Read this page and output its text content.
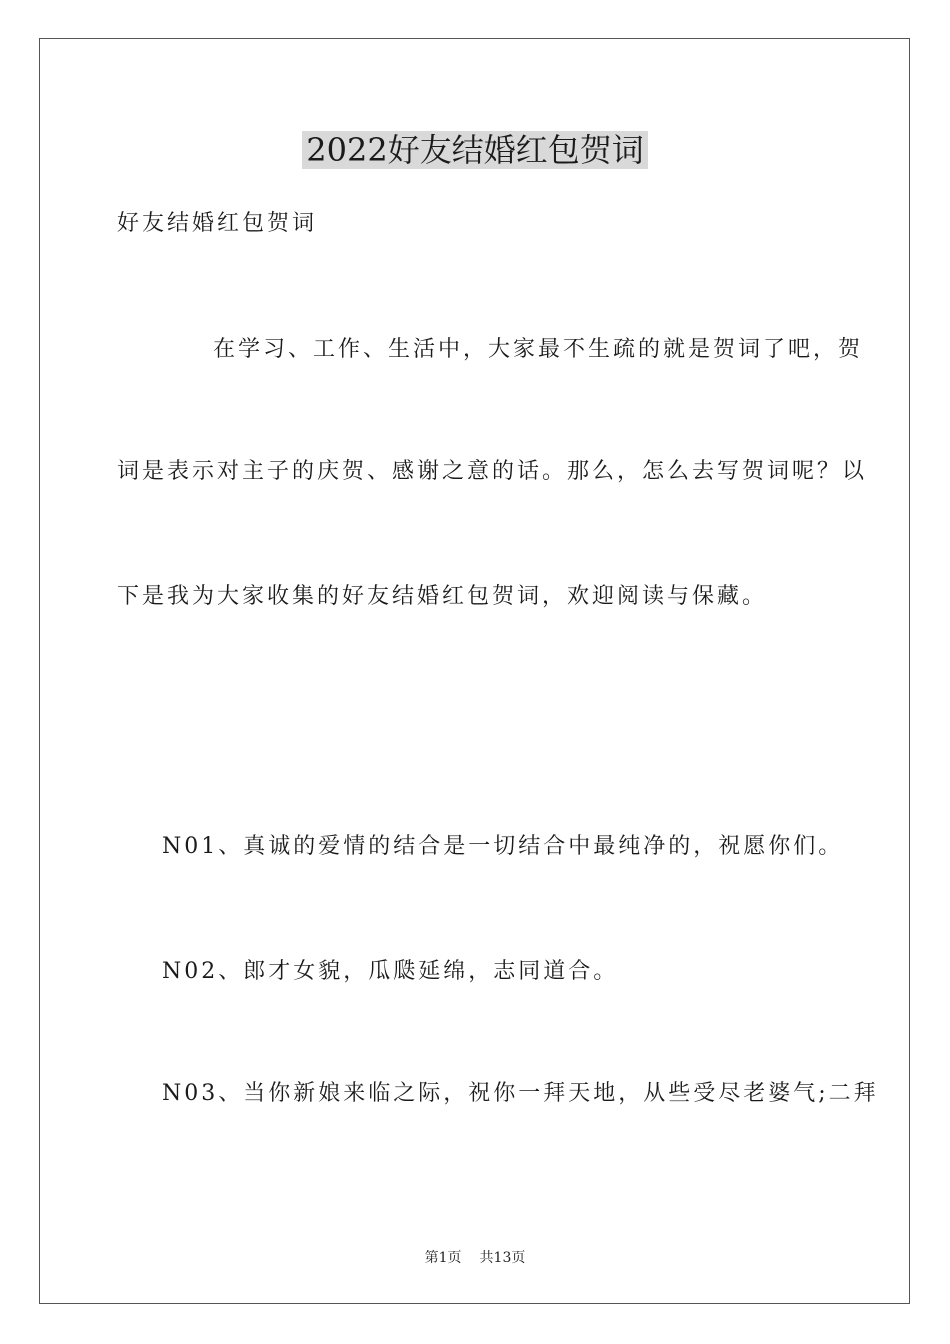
2022好友结婚红包贺词
好友结婚红包贺词
在学习、工作、生活中，大家最不生疏的就是贺词了吧，贺
词是表示对主子的庆贺、感谢之意的话。那么，怎么去写贺词呢？以
下是我为大家收集的好友结婚红包贺词，欢迎阅读与保藏。
N01、真诚的爱情的结合是一切结合中最纯净的，祝愿你们。
N02、郎才女貌，瓜瓞延绵，志同道合。
N03、当你新娘来临之际，祝你一拜天地，从些受尽老婆气;二拜
第1页 共13页
